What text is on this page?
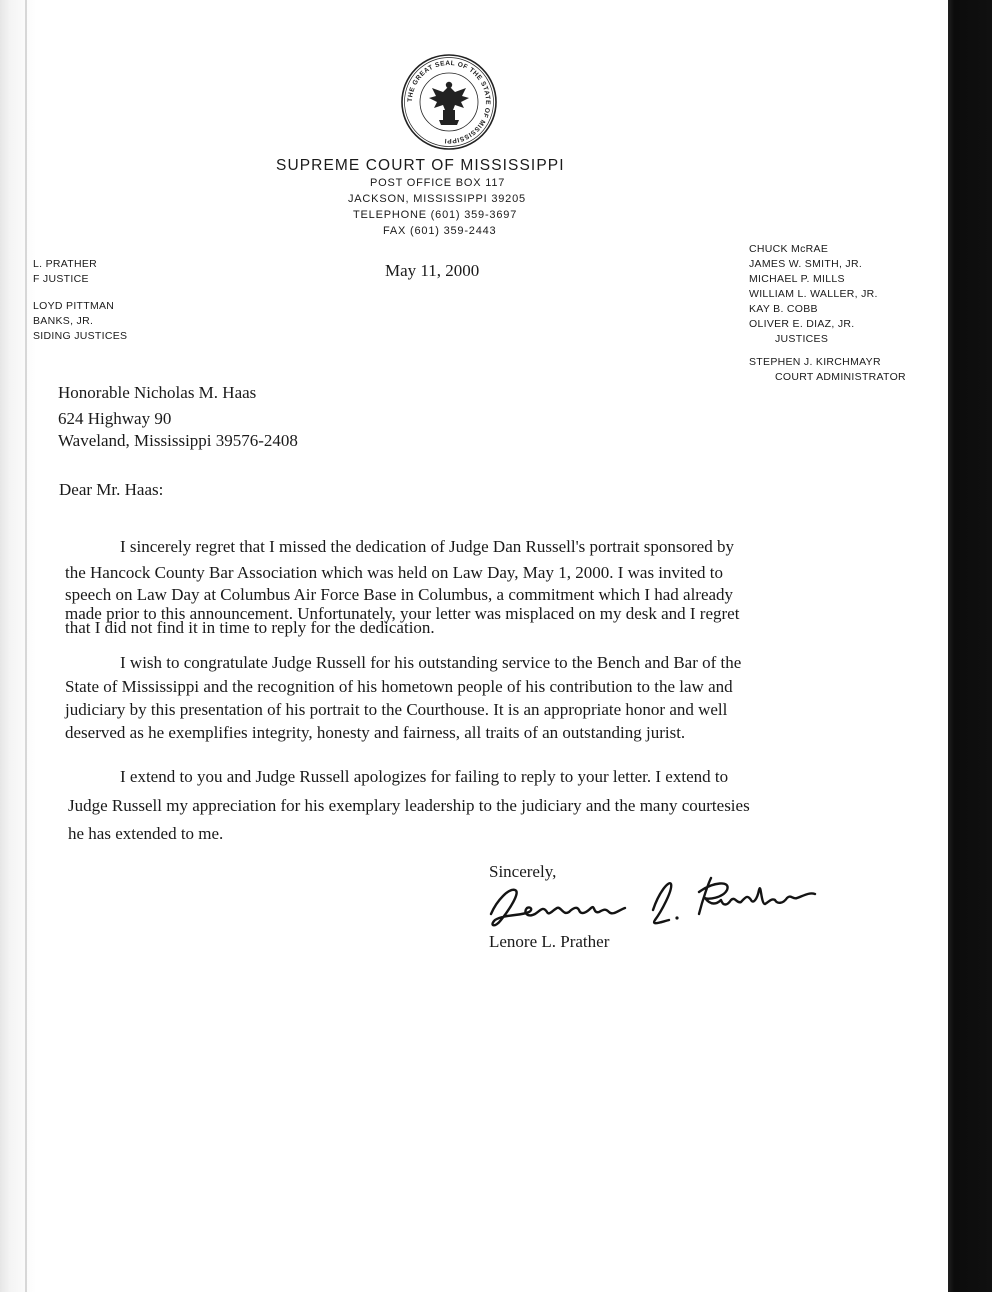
THE GREAT SEAL OF THE STATE OF MISSISSIPPI
SUPREME COURT OF MISSISSIPPI
POST OFFICE BOX 117
JACKSON, MISSISSIPPI 39205
TELEPHONE (601) 359-3697
FAX (601) 359-2443
L. PRATHER
F JUSTICE
LOYD PITTMAN
BANKS, JR.
SIDING JUSTICES
CHUCK McRAE
JAMES W. SMITH, JR.
MICHAEL P. MILLS
WILLIAM L. WALLER, JR.
KAY B. COBB
OLIVER E. DIAZ, JR.
JUSTICES
STEPHEN J. KIRCHMAYR
COURT ADMINISTRATOR
May 11, 2000
Honorable Nicholas M. Haas
624 Highway 90
Waveland, Mississippi 39576-2408
Dear Mr. Haas:
I sincerely regret that I missed the dedication of Judge Dan Russell's portrait sponsored by
the Hancock County Bar Association which was held on Law Day, May 1, 2000. I was invited to
speech on Law Day at Columbus Air Force Base in Columbus, a commitment which I had already
made prior to this announcement. Unfortunately, your letter was misplaced on my desk and I regret
that I did not find it in time to reply for the dedication.
I wish to congratulate Judge Russell for his outstanding service to the Bench and Bar of the
State of Mississippi and the recognition of his hometown people of his contribution to the law and
judiciary by this presentation of his portrait to the Courthouse. It is an appropriate honor and well
deserved as he exemplifies integrity, honesty and fairness, all traits of an outstanding jurist.
I extend to you and Judge Russell apologizes for failing to reply to your letter. I extend to
Judge Russell my appreciation for his exemplary leadership to the judiciary and the many courtesies
he has extended to me.
Sincerely,
Lenore L. Prather
